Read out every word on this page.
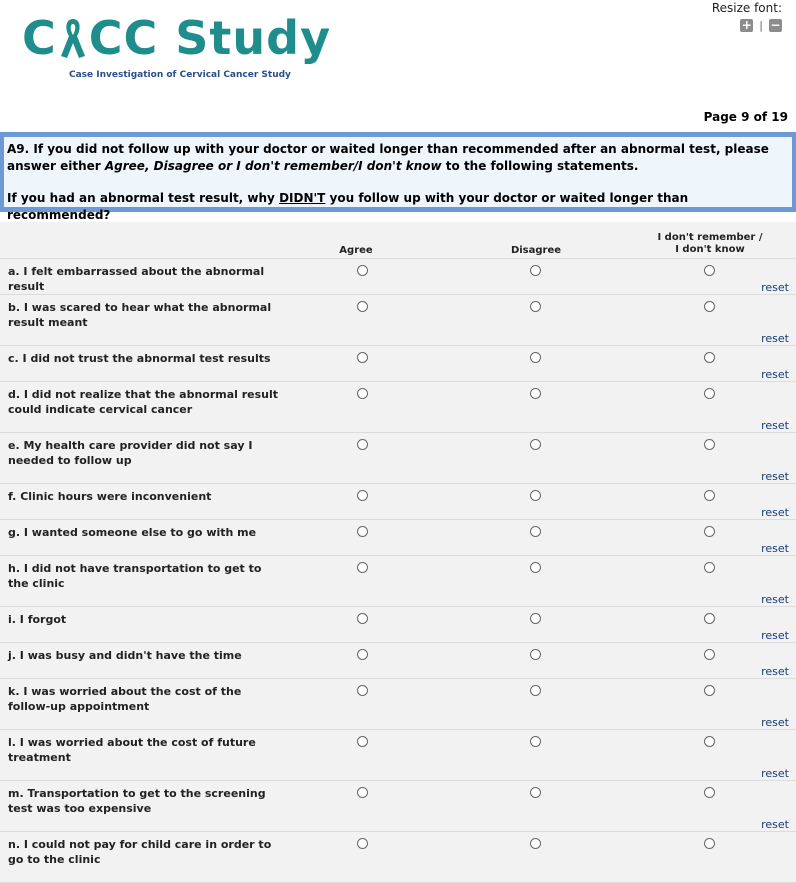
C CC Study
Case Investigation of Cervical Cancer Study
Resize font:
+ | −
Page 9 of 19
A9. If you did not follow up with your doctor or waited longer than recommended after an abnormal test, please answer either Agree, Disagree or I don't remember/I don't know to the following statements.
If you had an abnormal test result, why DIDN'T you follow up with your doctor or waited longer than recommended?
Agree	Disagree
I don't remember /
I don't know
a. I felt embarrassed about the abnormal result	reset
b. I was scared to hear what the abnormal result meant
reset
c. I did not trust the abnormal test results
reset
d. I did not realize that the abnormal result could indicate cervical cancer
reset
e. My health care provider did not say I needed to follow up
reset
f. Clinic hours were inconvenient
reset
g. I wanted someone else to go with me
reset
h. I did not have transportation to get to the clinic
reset
i. I forgot
reset
j. I was busy and didn't have the time
reset
k. I was worried about the cost of the follow-up appointment
reset
l. I was worried about the cost of future treatment
reset
m. Transportation to get to the screening test was too expensive
reset
n. I could not pay for child care in order to go to the clinic
